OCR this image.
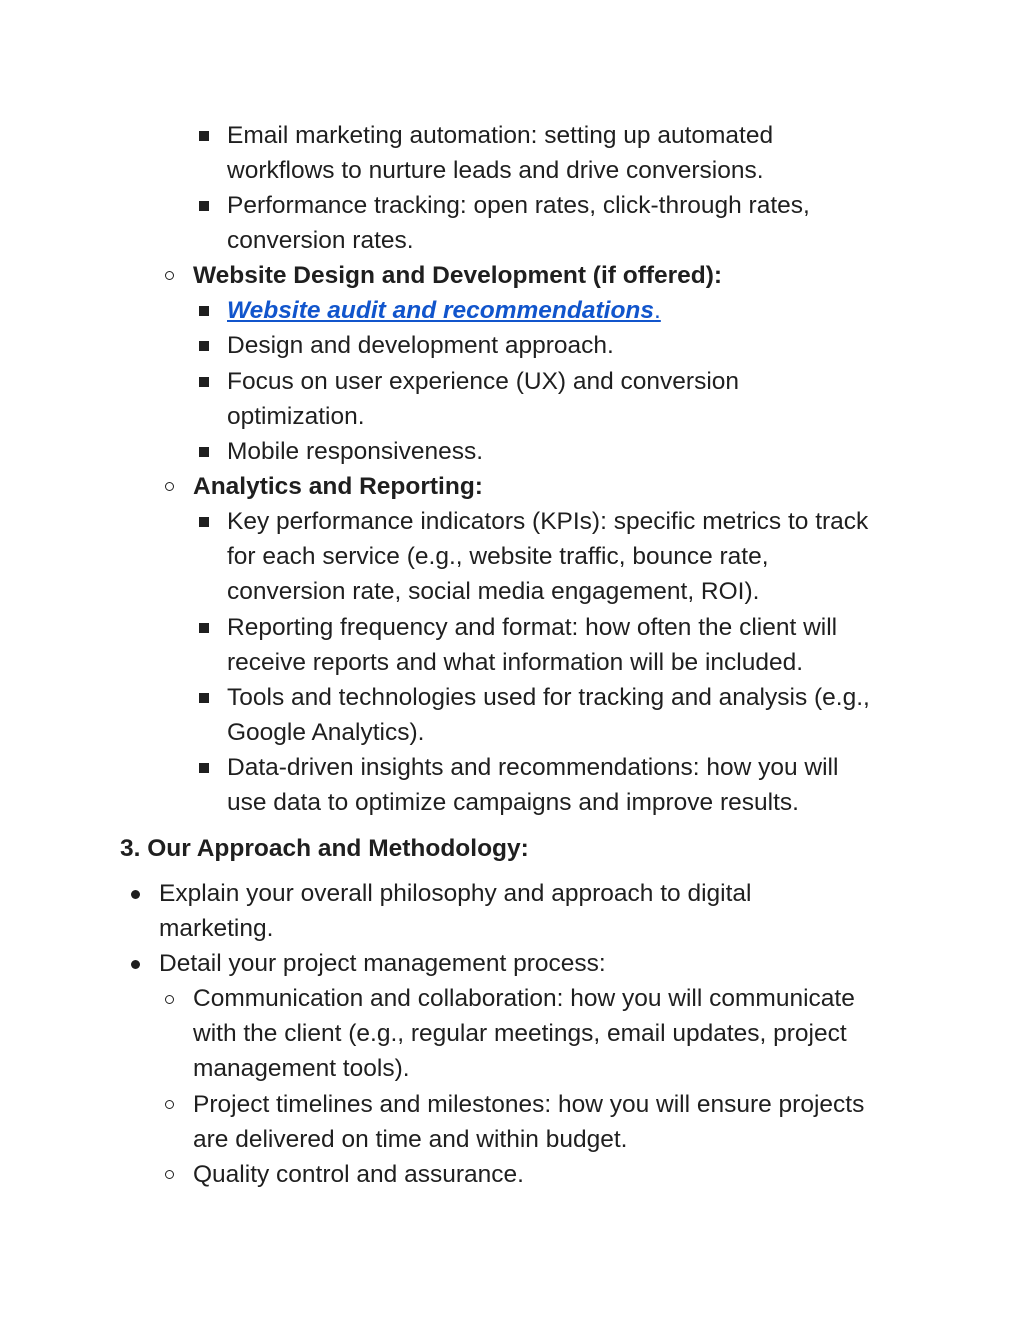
Email marketing automation: setting up automated
workflows to nurture leads and drive conversions.
Performance tracking: open rates, click-through rates,
conversion rates.
Website Design and Development (if offered):
Website audit and recommendations.
Design and development approach.
Focus on user experience (UX) and conversion
optimization.
Mobile responsiveness.
Analytics and Reporting:
Key performance indicators (KPIs): specific metrics to track
for each service (e.g., website traffic, bounce rate,
conversion rate, social media engagement, ROI).
Reporting frequency and format: how often the client will
receive reports and what information will be included.
Tools and technologies used for tracking and analysis (e.g.,
Google Analytics).
Data-driven insights and recommendations: how you will
use data to optimize campaigns and improve results.
3. Our Approach and Methodology:
Explain your overall philosophy and approach to digital
marketing.
Detail your project management process:
Communication and collaboration: how you will communicate
with the client (e.g., regular meetings, email updates, project
management tools).
Project timelines and milestones: how you will ensure projects
are delivered on time and within budget.
Quality control and assurance.
